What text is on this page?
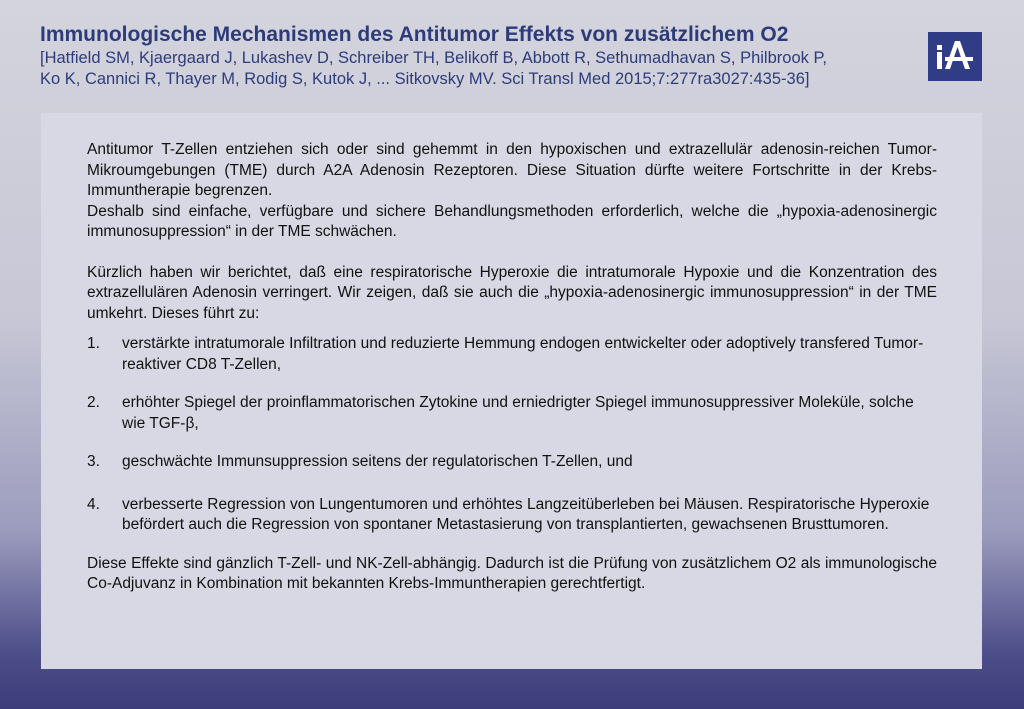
Immunologische Mechanismen des Antitumor Effekts von zusätzlichem O2

[Hatfield SM, Kjaergaard J, Lukashev D, Schreiber TH, Belikoff B, Abbott R, Sethumadhavan S, Philbrook P,

Ko K, Cannici R, Thayer M, Rodig S, Kutok J, ... Sitkovsky MV. Sci Transl Med 2015;7:277ra3027:435-36]

Antitumor T-Zellen entziehen sich oder sind gehemmt in den hypoxischen und extrazellulär adenosin-reichen Tumor-Mikroumgebungen (TME) durch A2A Adenosin Rezeptoren. Diese Situation dürfte weitere Fortschritte in der Krebs-Immuntherapie begrenzen.

Deshalb sind einfache, verfügbare und sichere Behandlungsmethoden erforderlich, welche die „hypoxia-adenosinergic immunosuppression“ in der TME schwächen.

Kürzlich haben wir berichtet, daß eine respiratorische Hyperoxie die intratumorale Hypoxie und die Konzentration des extrazellulären Adenosin verringert. Wir zeigen, daß sie auch die „hypoxia-adenosinergic immunosuppression“ in der TME umkehrt. Dieses führt zu:

1.	verstärkte intratumorale Infiltration und reduzierte Hemmung endogen entwickelter oder adoptively transfered Tumor-reaktiver CD8 T-Zellen,
2.	erhöhter Spiegel der proinflammatorischen Zytokine und erniedrigter Spiegel immunosuppressiver Moleküle, solche wie TGF-β,
3.	geschwächte Immunsuppression seitens der regulatorischen T-Zellen, und
4.	verbesserte Regression von Lungentumoren und erhöhtes Langzeitüberleben bei Mäusen. Respiratorische Hyperoxie befördert auch die Regression von spontaner Metastasierung von transplantierten, gewachsenen Brusttumoren.

Diese Effekte sind gänzlich T-Zell- und NK-Zell-abhängig. Dadurch ist die Prüfung von zusätzlichem O2 als immunologische Co-Adjuvanz in Kombination mit bekannten Krebs-Immuntherapien gerechtfertigt.
